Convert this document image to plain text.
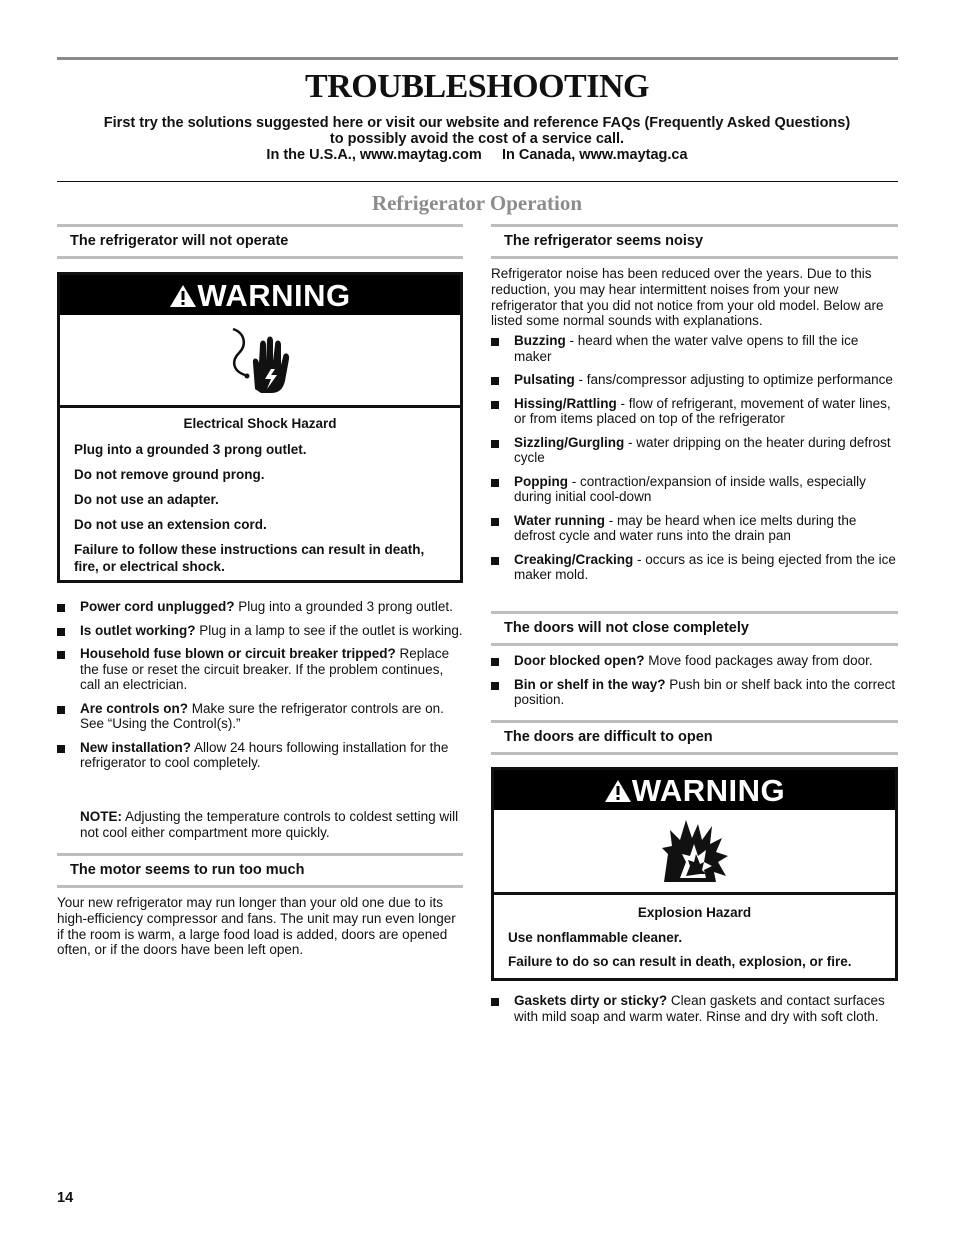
TROUBLESHOOTING
First try the solutions suggested here or visit our website and reference FAQs (Frequently Asked Questions)
to possibly avoid the cost of a service call.
In the U.S.A., www.maytag.com     In Canada, www.maytag.ca
Refrigerator Operation
The refrigerator will not operate
WARNING

Electrical Shock Hazard

Plug into a grounded 3 prong outlet.

Do not remove ground prong.

Do not use an adapter.

Do not use an extension cord.

Failure to follow these instructions can result in death, fire, or electrical shock.

Power cord unplugged? Plug into a grounded 3 prong outlet.
Is outlet working? Plug in a lamp to see if the outlet is working.
Household fuse blown or circuit breaker tripped? Replace the fuse or reset the circuit breaker. If the problem continues, call an electrician.
Are controls on? Make sure the refrigerator controls are on. See “Using the Control(s).”
New installation? Allow 24 hours following installation for the refrigerator to cool completely.
NOTE: Adjusting the temperature controls to coldest setting will not cool either compartment more quickly.
The motor seems to run too much
Your new refrigerator may run longer than your old one due to its high-efficiency compressor and fans. The unit may run even longer if the room is warm, a large food load is added, doors are opened often, or if the doors have been left open.
The refrigerator seems noisy
Refrigerator noise has been reduced over the years. Due to this reduction, you may hear intermittent noises from your new refrigerator that you did not notice from your old model. Below are listed some normal sounds with explanations.
Buzzing - heard when the water valve opens to fill the ice maker
Pulsating - fans/compressor adjusting to optimize performance
Hissing/Rattling - flow of refrigerant, movement of water lines, or from items placed on top of the refrigerator
Sizzling/Gurgling - water dripping on the heater during defrost cycle
Popping - contraction/expansion of inside walls, especially during initial cool-down
Water running - may be heard when ice melts during the defrost cycle and water runs into the drain pan
Creaking/Cracking - occurs as ice is being ejected from the ice maker mold.
The doors will not close completely
Door blocked open? Move food packages away from door.
Bin or shelf in the way? Push bin or shelf back into the correct position.
The doors are difficult to open
WARNING

Explosion Hazard

Use nonflammable cleaner.

Failure to do so can result in death, explosion, or fire.

Gaskets dirty or sticky? Clean gaskets and contact surfaces with mild soap and warm water. Rinse and dry with soft cloth.
14
